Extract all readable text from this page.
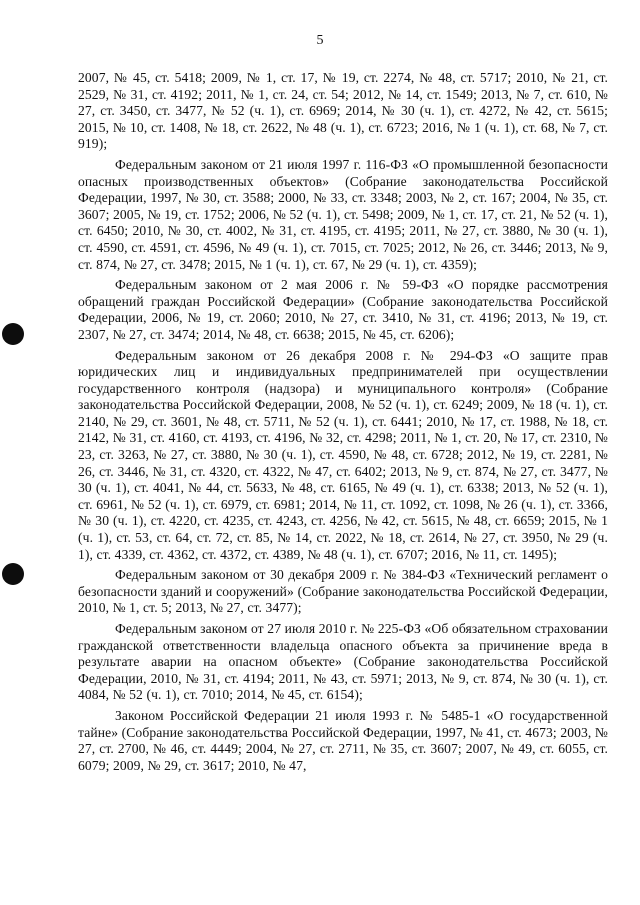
5

2007, № 45, ст. 5418; 2009, № 1, ст. 17, № 19, ст. 2274, № 48, ст. 5717; 2010, № 21, ст. 2529, № 31, ст. 4192; 2011, № 1, ст. 24, ст. 54; 2012, № 14, ст. 1549; 2013, № 7, ст. 610, № 27, ст. 3450, ст. 3477, № 52 (ч. 1), ст. 6969; 2014, № 30 (ч. 1), ст. 4272, № 42, ст. 5615; 2015, № 10, ст. 1408, № 18, ст. 2622, № 48 (ч. 1), ст. 6723; 2016, № 1 (ч. 1), ст. 68, № 7, ст. 919);

Федеральным законом от 21 июля 1997 г. 116-ФЗ «О промышленной безопасности опасных производственных объектов» (Собрание законодательства Российской Федерации, 1997, № 30, ст. 3588; 2000, № 33, ст. 3348; 2003, № 2, ст. 167; 2004, № 35, ст. 3607; 2005, № 19, ст. 1752; 2006, № 52 (ч. 1), ст. 5498; 2009, № 1, ст. 17, ст. 21, № 52 (ч. 1), ст. 6450; 2010, № 30, ст. 4002, № 31, ст. 4195, ст. 4195; 2011, № 27, ст. 3880, № 30 (ч. 1), ст. 4590, ст. 4591, ст. 4596, № 49 (ч. 1), ст. 7015, ст. 7025; 2012, № 26, ст. 3446; 2013, № 9, ст. 874, № 27, ст. 3478; 2015, № 1 (ч. 1), ст. 67, № 29 (ч. 1), ст. 4359);

Федеральным законом от 2 мая 2006 г. № 59-ФЗ «О порядке рассмотрения обращений граждан Российской Федерации» (Собрание законодательства Российской Федерации, 2006, № 19, ст. 2060; 2010, № 27, ст. 3410, № 31, ст. 4196; 2013, № 19, ст. 2307, № 27, ст. 3474; 2014, № 48, ст. 6638; 2015, № 45, ст. 6206);

Федеральным законом от 26 декабря 2008 г. № 294-ФЗ «О защите прав юридических лиц и индивидуальных предпринимателей при осуществлении государственного контроля (надзора) и муниципального контроля» (Собрание законодательства Российской Федерации, 2008, № 52 (ч. 1), ст. 6249; 2009, № 18 (ч. 1), ст. 2140, № 29, ст. 3601, № 48, ст. 5711, № 52 (ч. 1), ст. 6441; 2010, № 17, ст. 1988, № 18, ст. 2142, № 31, ст. 4160, ст. 4193, ст. 4196, № 32, ст. 4298; 2011, № 1, ст. 20, № 17, ст. 2310, № 23, ст. 3263, № 27, ст. 3880, № 30 (ч. 1), ст. 4590, № 48, ст. 6728; 2012, № 19, ст. 2281, № 26, ст. 3446, № 31, ст. 4320, ст. 4322, № 47, ст. 6402; 2013, № 9, ст. 874, № 27, ст. 3477, № 30 (ч. 1), ст. 4041, № 44, ст. 5633, № 48, ст. 6165, № 49 (ч. 1), ст. 6338; 2013, № 52 (ч. 1), ст. 6961, № 52 (ч. 1), ст. 6979, ст. 6981; 2014, № 11, ст. 1092, ст. 1098, № 26 (ч. 1), ст. 3366, № 30 (ч. 1), ст. 4220, ст. 4235, ст. 4243, ст. 4256, № 42, ст. 5615, № 48, ст. 6659; 2015, № 1 (ч. 1), ст. 53, ст. 64, ст. 72, ст. 85, № 14, ст. 2022, № 18, ст. 2614, № 27, ст. 3950, № 29 (ч. 1), ст. 4339, ст. 4362, ст. 4372, ст. 4389, № 48 (ч. 1), ст. 6707; 2016, № 11, ст. 1495);

Федеральным законом от 30 декабря 2009 г. № 384-ФЗ «Технический регламент о безопасности зданий и сооружений» (Собрание законодательства Российской Федерации, 2010, № 1, ст. 5; 2013, № 27, ст. 3477);

Федеральным законом от 27 июля 2010 г. № 225-ФЗ «Об обязательном страховании гражданской ответственности владельца опасного объекта за причинение вреда в результате аварии на опасном объекте» (Собрание законодательства Российской Федерации, 2010, № 31, ст. 4194; 2011, № 43, ст. 5971; 2013, № 9, ст. 874, № 30 (ч. 1), ст. 4084, № 52 (ч. 1), ст. 7010; 2014, № 45, ст. 6154);

Законом Российской Федерации 21 июля 1993 г. № 5485-1 «О государственной тайне» (Собрание законодательства Российской Федерации, 1997, № 41, ст. 4673; 2003, № 27, ст. 2700, № 46, ст. 4449; 2004, № 27, ст. 2711, № 35, ст. 3607; 2007, № 49, ст. 6055, ст. 6079; 2009, № 29, ст. 3617; 2010, № 47,
